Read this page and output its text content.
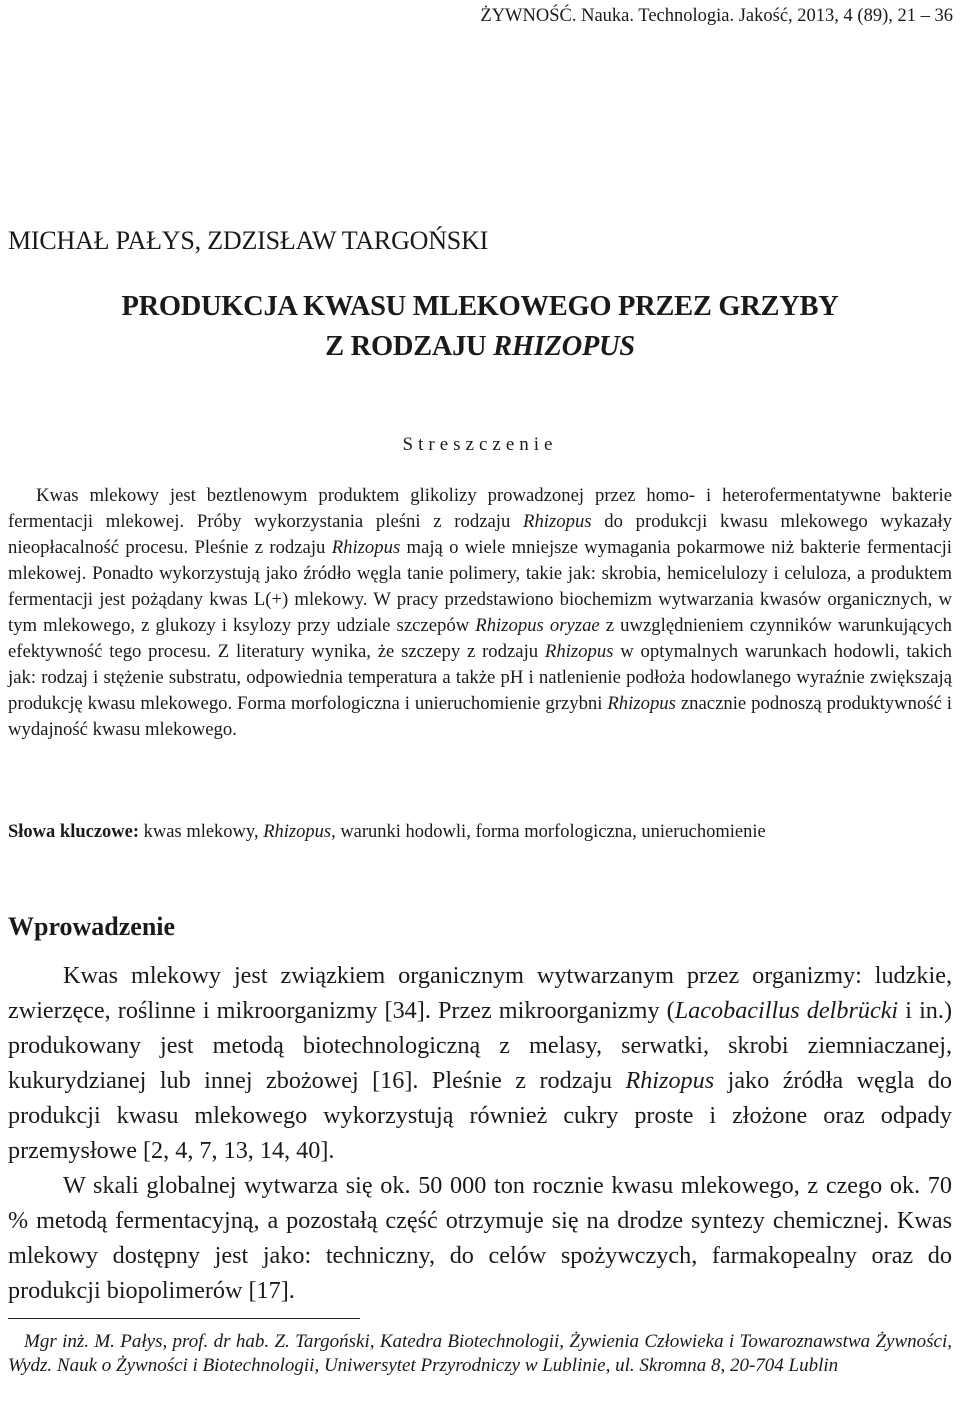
ŻYWNOŚĆ. Nauka. Technologia. Jakość, 2013, 4 (89), 21 – 36
MICHAŁ PAŁYS, ZDZISŁAW TARGOŃSKI
PRODUKCJA KWASU MLEKOWEGO PRZEZ GRZYBY
Z RODZAJU RHIZOPUS
Streszczenie

Kwas mlekowy jest beztlenowym produktem glikolizy prowadzonej przez homo- i heterofermentatywne bakterie fermentacji mlekowej. Próby wykorzystania pleśni z rodzaju Rhizopus do produkcji kwasu mlekowego wykazały nieopłacalność procesu. Pleśnie z rodzaju Rhizopus mają o wiele mniejsze wymagania pokarmowe niż bakterie fermentacji mlekowej. Ponadto wykorzystują jako źródło węgla tanie polimery, takie jak: skrobia, hemicelulozy i celuloza, a produktem fermentacji jest pożądany kwas L(+) mlekowy. W pracy przedstawiono biochemizm wytwarzania kwasów organicznych, w tym mlekowego, z glukozy i ksylozy przy udziale szczepów Rhizopus oryzae z uwzględnieniem czynników warunkujących efektywność tego procesu. Z literatury wynika, że szczepy z rodzaju Rhizopus w optymalnych warunkach hodowli, takich jak: rodzaj i stężenie substratu, odpowiednia temperatura a także pH i natlenienie podłoża hodowlanego wyraźnie zwiększają produkcję kwasu mlekowego. Forma morfologiczna i unieruchomienie grzybni Rhizopus znacznie podnoszą produktywność i wydajność kwasu mlekowego.

Słowa kluczowe: kwas mlekowy, Rhizopus, warunki hodowli, forma morfologiczna, unieruchomienie
Wprowadzenie

Kwas mlekowy jest związkiem organicznym wytwarzanym przez organizmy: ludzkie, zwierzęce, roślinne i mikroorganizmy [34]. Przez mikroorganizmy (Lacobacillus delbrücki i in.) produkowany jest metodą biotechnologiczną z melasy, serwatki, skrobi ziemniaczanej, kukurydzianej lub innej zbożowej [16]. Pleśnie z rodzaju Rhizopus jako źródła węgla do produkcji kwasu mlekowego wykorzystują również cukry proste i złożone oraz odpady przemysłowe [2, 4, 7, 13, 14, 40].

W skali globalnej wytwarza się ok. 50 000 ton rocznie kwasu mlekowego, z czego ok. 70 % metodą fermentacyjną, a pozostałą część otrzymuje się na drodze syntezy chemicznej. Kwas mlekowy dostępny jest jako: techniczny, do celów spożywczych, farmakopealny oraz do produkcji biopolimerów [17].

Mgr inż. M. Pałys, prof. dr hab. Z. Targoński, Katedra Biotechnologii, Żywienia Człowieka i Towaroznawstwa Żywności, Wydz. Nauk o Żywności i Biotechnologii, Uniwersytet Przyrodniczy w Lublinie, ul. Skromna 8, 20-704 Lublin
